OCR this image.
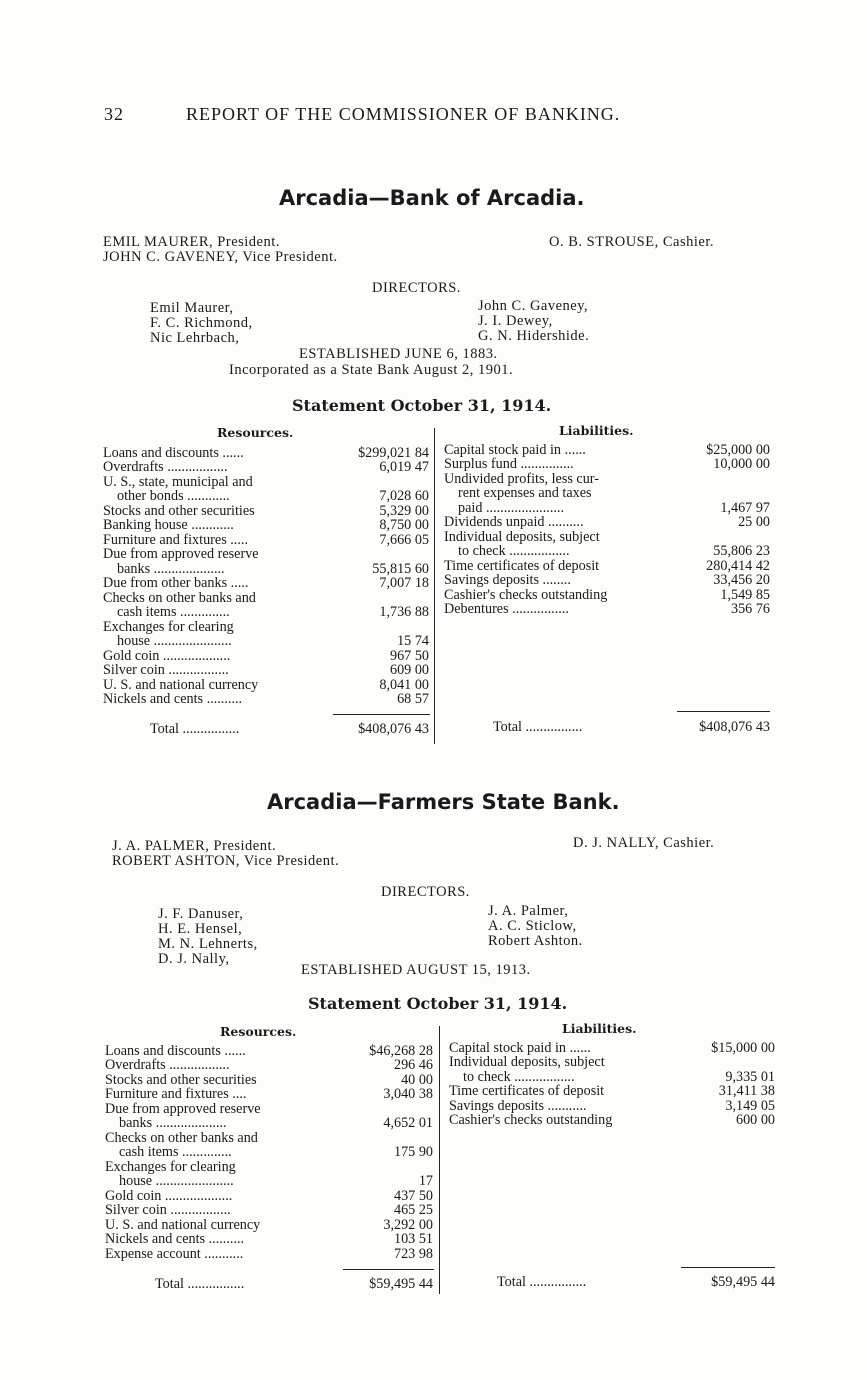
32	REPORT OF THE COMMISSIONER OF BANKING.
Arcadia—Bank of Arcadia.
EMIL MAURER, President.
JOHN C. GAVENEY, Vice President.
O. B. STROUSE, Cashier.
DIRECTORS.
Emil Maurer,
F. C. Richmond,
Nic Lehrbach,
John C. Gaveney,
J. I. Dewey,
G. N. Hidershide.
ESTABLISHED JUNE 6, 1883.
Incorporated as a State Bank August 2, 1901.
Statement October 31, 1914.
Resources.	Liabilities.
Loans and discounts ......	$299,021 84
Overdrafts .................	6,019 47
U. S., state, municipal and
other bonds ............	7,028 60
Stocks and other securities	5,329 00
Banking house ............	8,750 00
Furniture and fixtures .....	7,666 05
Due from approved reserve
banks ....................	55,815 60
Due from other banks .....	7,007 18
Checks on other banks and
cash items ..............	1,736 88
Exchanges for clearing
house ......................	15 74
Gold coin ...................	967 50
Silver coin .................	609 00
U. S. and national currency	8,041 00
Nickels and cents ..........	68 57
Total ................	$408,076 43
Capital stock paid in ......	$25,000 00
Surplus fund ...............	10,000 00
Undivided profits, less cur-
rent expenses and taxes
paid ......................	1,467 97
Dividends unpaid ..........	25 00
Individual deposits, subject
to check .................	55,806 23
Time certificates of deposit	280,414 42
Savings deposits ........	33,456 20
Cashier's checks outstanding	1,549 85
Debentures ................	356 76
Total ................	$408,076 43
Arcadia—Farmers State Bank.
J. A. PALMER, President.
ROBERT ASHTON, Vice President.
D. J. NALLY, Cashier.
DIRECTORS.
J. F. Danuser,
H. E. Hensel,
M. N. Lehnerts,
D. J. Nally,
J. A. Palmer,
A. C. Sticlow,
Robert Ashton.
ESTABLISHED AUGUST 15, 1913.
Statement October 31, 1914.
Resources.	Liabilities.
Loans and discounts ......	$46,268 28
Overdrafts .................	296 46
Stocks and other securities	40 00
Furniture and fixtures ....	3,040 38
Due from approved reserve
banks ....................	4,652 01
Checks on other banks and
cash items ..............	175 90
Exchanges for clearing
house ......................	17
Gold coin ...................	437 50
Silver coin .................	465 25
U. S. and national currency	3,292 00
Nickels and cents ..........	103 51
Expense account ...........	723 98
Total ................	$59,495 44
Capital stock paid in ......	$15,000 00
Individual deposits, subject
to check .................	9,335 01
Time certificates of deposit	31,411 38
Savings deposits ...........	3,149 05
Cashier's checks outstanding	600 00
Total ................	$59,495 44
